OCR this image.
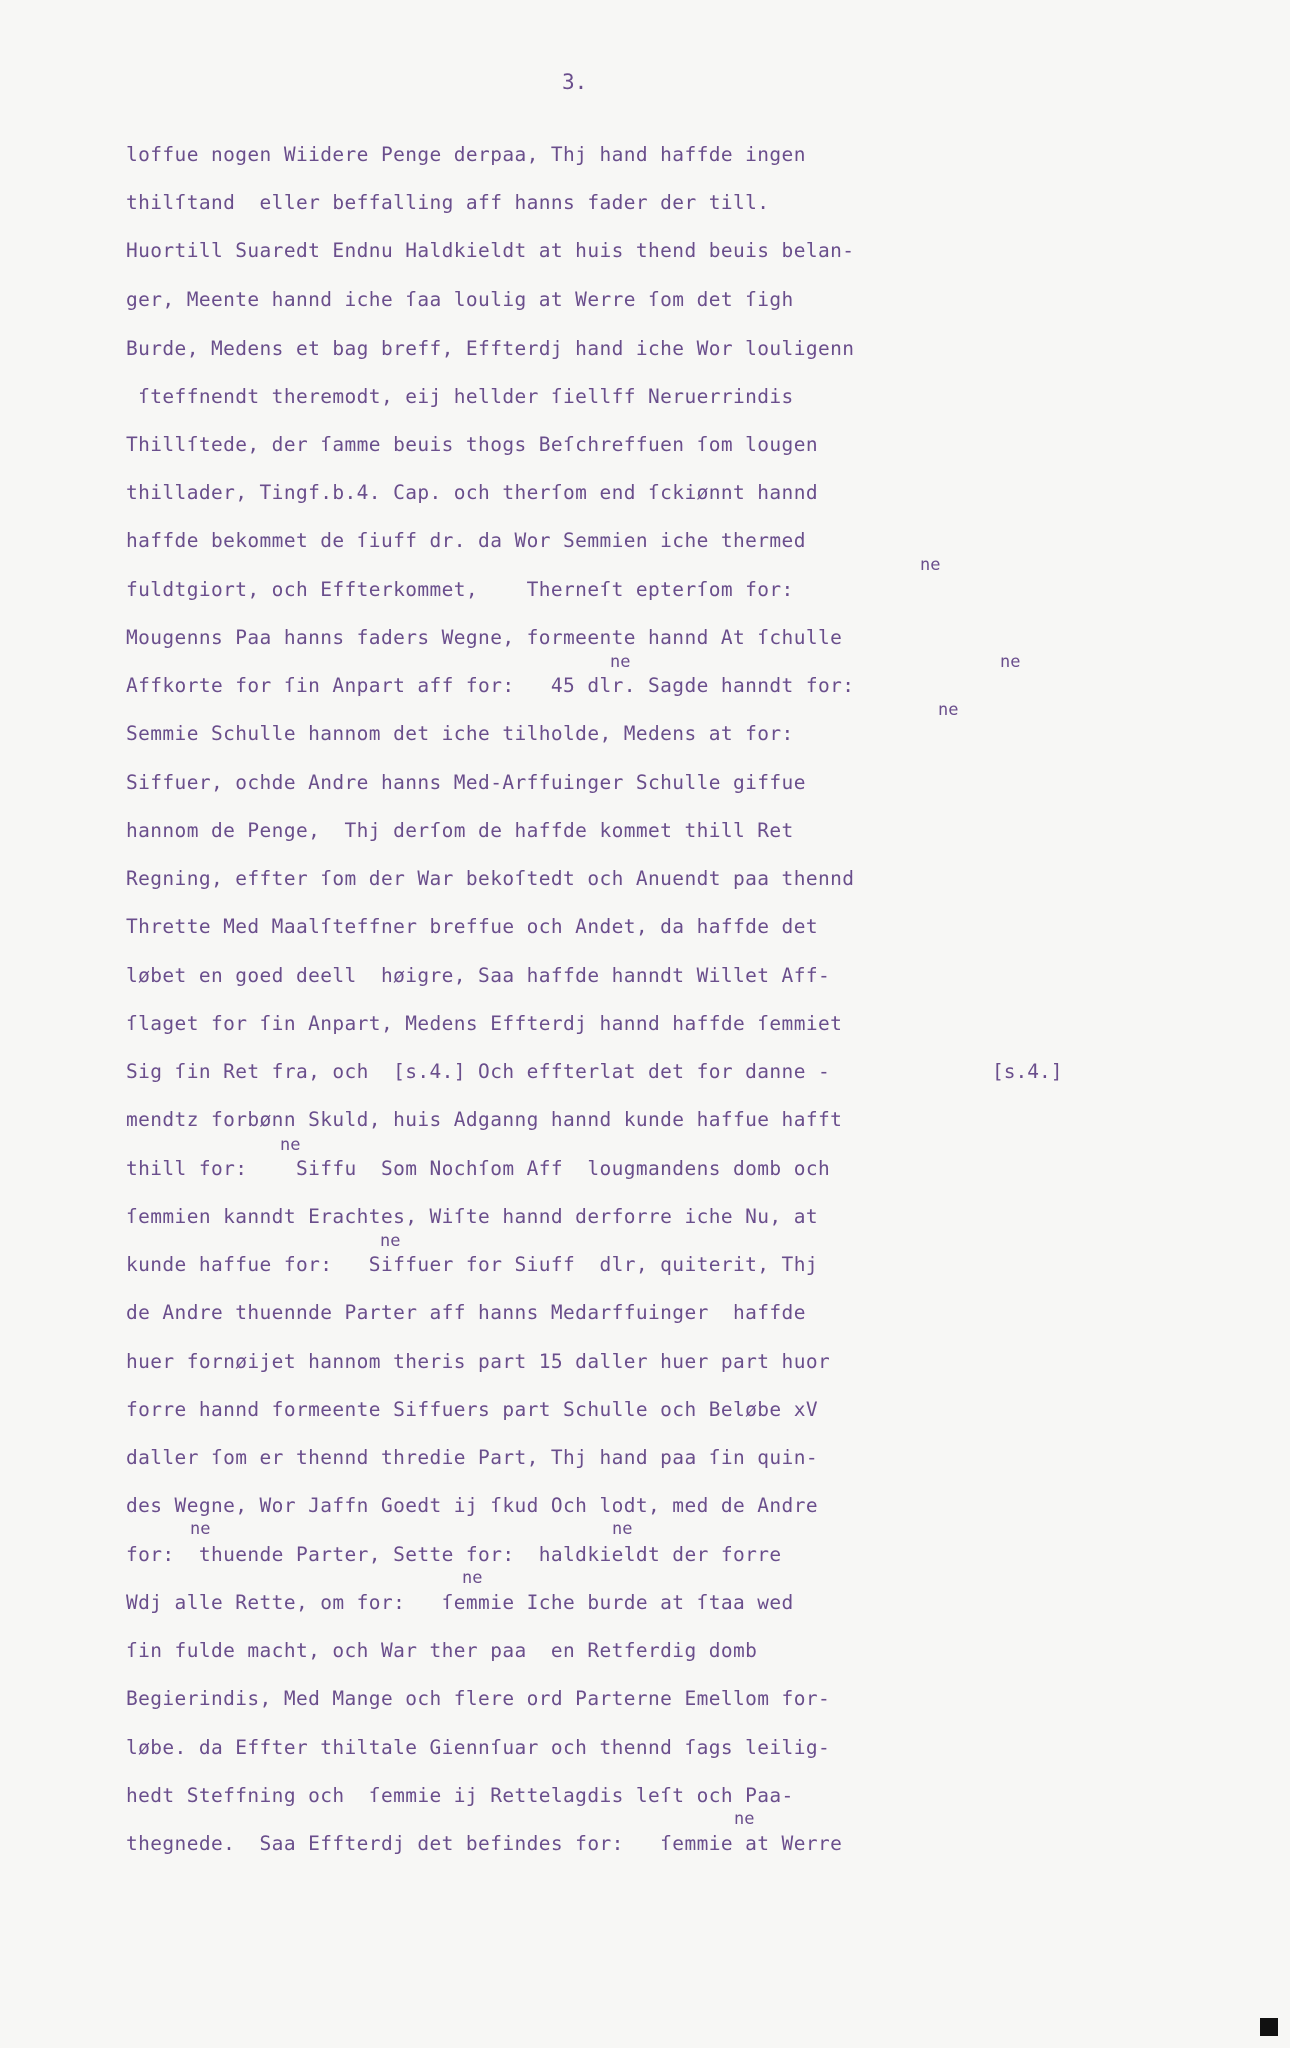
3.
loffue nogen Wiidere Penge derpaa, Thj hand haffde ingen
thilſtand  eller beffalling aff hanns fader der till.
Huortill Suaredt Endnu Haldkieldt at huis thend beuis belan-
ger, Meente hannd iche ſaa loulig at Werre ſom det ſigh
Burde, Medens et bag breff, Effterdj hand iche Wor louligenn
ſteffnendt theremodt, eij hellder ſiellff Neruerrindis
Thillſtede, der ſamme beuis thogs Beſchreffuen ſom lougen
thillader, Tingf.b.4. Cap. och therſom end ſckiønnt hannd
haffde bekommet de ſiuff dr. da Wor Semmien iche thermed
fuldtgiort, och Effterkommet,    Therneſt epterſom for:
Mougenns Paa hanns faders Wegne, formeente hannd At ſchulle
Affkorte for ſin Anpart aff for:   45 dlr. Sagde hanndt for:
Semmie Schulle hannom det iche tilholde, Medens at for:
Siffuer, ochde Andre hanns Med-Arffuinger Schulle giffue
hannom de Penge,  Thj derſom de haffde kommet thill Ret
Regning, effter ſom der War bekoſtedt och Anuendt paa thennd
Thrette Med Maalſteffner breffue och Andet, da haffde det
løbet en goed deell  høigre, Saa haffde hanndt Willet Aff-
ſlaget for ſin Anpart, Medens Effterdj hannd haffde ſemmiet
Sig ſin Ret fra, och  [s.4.] Och effterlat det for danne -
mendtz forbønn Skuld, huis Adganng hannd kunde haffue hafft
thill for:    Siffu  Som Nochſom Aff  lougmandens domb och
ſemmien kanndt Erachtes, Wiſte hannd derforre iche Nu, at
kunde haffue for:   Siffuer for Siuff  dlr, quiterit, Thj
de Andre thuennde Parter aff hanns Medarffuinger  haffde
huer fornøijet hannom theris part 15 daller huer part huor
forre hannd formeente Siffuers part Schulle och Beløbe xV
daller ſom er thennd thredie Part, Thj hand paa ſin quin-
des Wegne, Wor Jaffn Goedt ij ſkud Och lodt, med de Andre
for:  thuende Parter, Sette for:  haldkieldt der forre
Wdj alle Rette, om for:   ſemmie Iche burde at ſtaa wed
ſin fulde macht, och War ther paa  en Retferdig domb
Begierindis, Med Mange och flere ord Parterne Emellom for-
løbe. da Effter thiltale Giennſuar och thennd ſags leilig-
hedt Steffning och  ſemmie ij Rettelagdis leſt och Paa-
thegnede.  Saa Effterdj det befindes for:   ſemmie at Werre
ne
ne	ne
ne
ne
ne
ne	ne
ne
ne
[s.4.]
